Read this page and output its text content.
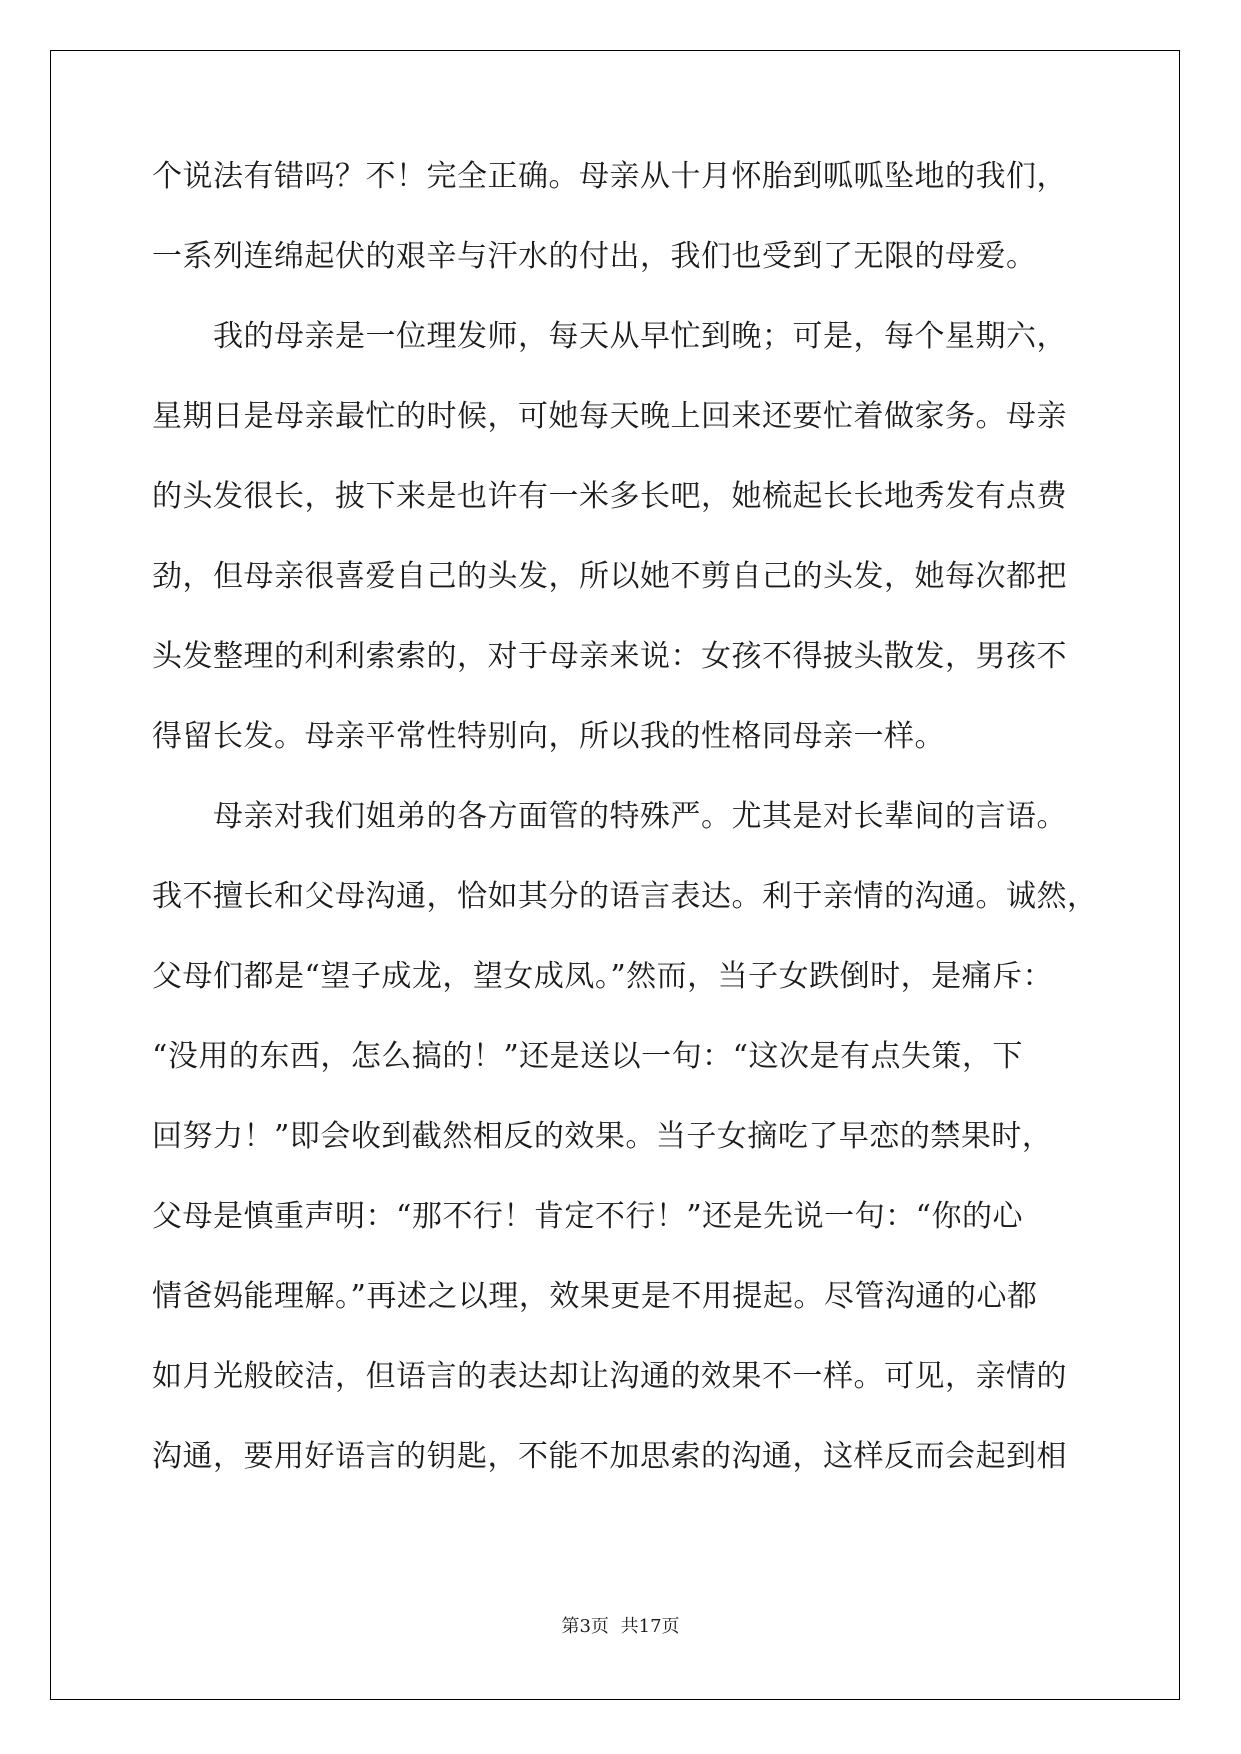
个说法有错吗？不！完全正确。母亲从十月怀胎到呱呱坠地的我们，
一系列连绵起伏的艰辛与汗水的付出，我们也受到了无限的母爱。
　　我的母亲是一位理发师，每天从早忙到晚；可是，每个星期六，
星期日是母亲最忙的时候，可她每天晚上回来还要忙着做家务。母亲
的头发很长，披下来是也许有一米多长吧，她梳起长长地秀发有点费
劲，但母亲很喜爱自己的头发，所以她不剪自己的头发，她每次都把
头发整理的利利索索的，对于母亲来说：女孩不得披头散发，男孩不
得留长发。母亲平常性特别向，所以我的性格同母亲一样。
　　母亲对我们姐弟的各方面管的特殊严。尤其是对长辈间的言语。
我不擅长和父母沟通，恰如其分的语言表达。利于亲情的沟通。诚然，
父母们都是“望子成龙，望女成凤。”然而，当子女跌倒时，是痛斥：
“没用的东西，怎么搞的！”还是送以一句：“这次是有点失策，下
回努力！”即会收到截然相反的效果。当子女摘吃了早恋的禁果时，
父母是慎重声明：“那不行！肯定不行！”还是先说一句：“你的心
情爸妈能理解。”再述之以理，效果更是不用提起。尽管沟通的心都
如月光般皎洁，但语言的表达却让沟通的效果不一样。可见，亲情的
沟通，要用好语言的钥匙，不能不加思索的沟通，这样反而会起到相
第3页 共17页
